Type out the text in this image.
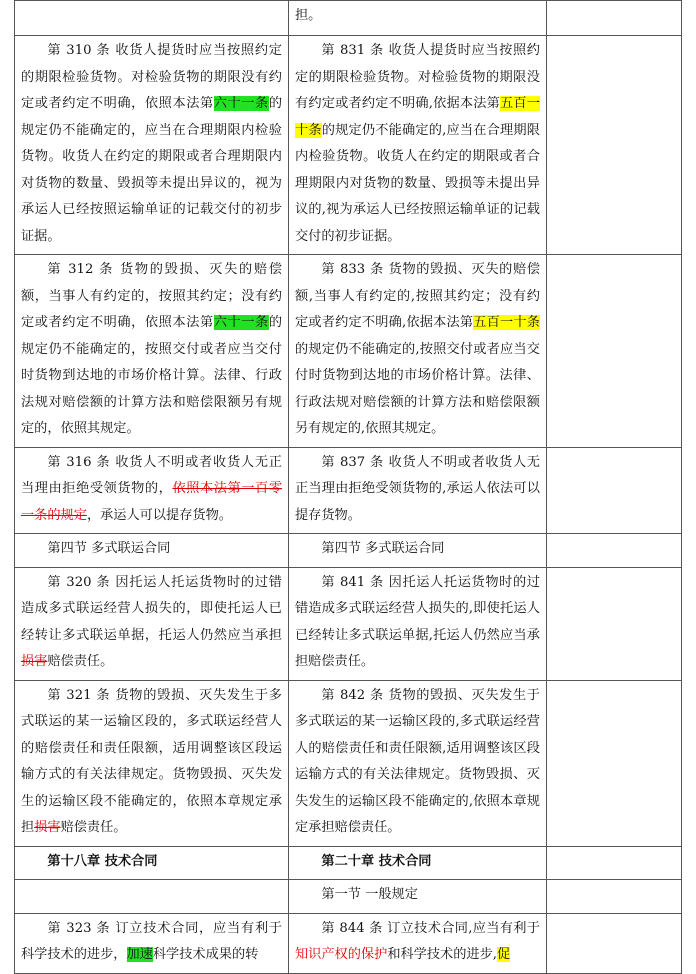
	担。	
第 310 条 收货人提货时应当按照约定的期限检验货物。对检验货物的期限没有约定或者约定不明确，依照本法第六十一条的规定仍不能确定的，应当在合理期限内检验货物。收货人在约定的期限或者合理期限内对货物的数量、毁损等未提出异议的，视为承运人已经按照运输单证的记载交付的初步证据。	第 831 条 收货人提货时应当按照约定的期限检验货物。对检验货物的期限没有约定或者约定不明确,依据本法第五百一十条的规定仍不能确定的,应当在合理期限内检验货物。收货人在约定的期限或者合理期限内对货物的数量、毁损等未提出异议的,视为承运人已经按照运输单证的记载交付的初步证据。	
第 312 条 货物的毁损、灭失的赔偿额，当事人有约定的，按照其约定；没有约定或者约定不明确，依照本法第六十一条的规定仍不能确定的，按照交付或者应当交付时货物到达地的市场价格计算。法律、行政法规对赔偿额的计算方法和赔偿限额另有规定的，依照其规定。	第 833 条 货物的毁损、灭失的赔偿额,当事人有约定的,按照其约定；没有约定或者约定不明确,依据本法第五百一十条的规定仍不能确定的,按照交付或者应当交付时货物到达地的市场价格计算。法律、行政法规对赔偿额的计算方法和赔偿限额另有规定的,依照其规定。	
第 316 条 收货人不明或者收货人无正当理由拒绝受领货物的，依照本法第一百零一条的规定，承运人可以提存货物。	第 837 条 收货人不明或者收货人无正当理由拒绝受领货物的,承运人依法可以提存货物。	
第四节 多式联运合同	第四节 多式联运合同	
第 320 条 因托运人托运货物时的过错造成多式联运经营人损失的，即使托运人已经转让多式联运单据，托运人仍然应当承担损害赔偿责任。	第 841 条 因托运人托运货物时的过错造成多式联运经营人损失的,即使托运人已经转让多式联运单据,托运人仍然应当承担赔偿责任。	
第 321 条 货物的毁损、灭失发生于多式联运的某一运输区段的，多式联运经营人的赔偿责任和责任限额，适用调整该区段运输方式的有关法律规定。货物毁损、灭失发生的运输区段不能确定的，依照本章规定承担损害赔偿责任。	第 842 条 货物的毁损、灭失发生于多式联运的某一运输区段的,多式联运经营人的赔偿责任和责任限额,适用调整该区段运输方式的有关法律规定。货物毁损、灭失发生的运输区段不能确定的,依照本章规定承担赔偿责任。	
第十八章 技术合同	第二十章 技术合同	
	第一节 一般规定	
第 323 条 订立技术合同，应当有利于科学技术的进步，加速科学技术成果的转	第 844 条 订立技术合同,应当有利于知识产权的保护和科学技术的进步,促	
